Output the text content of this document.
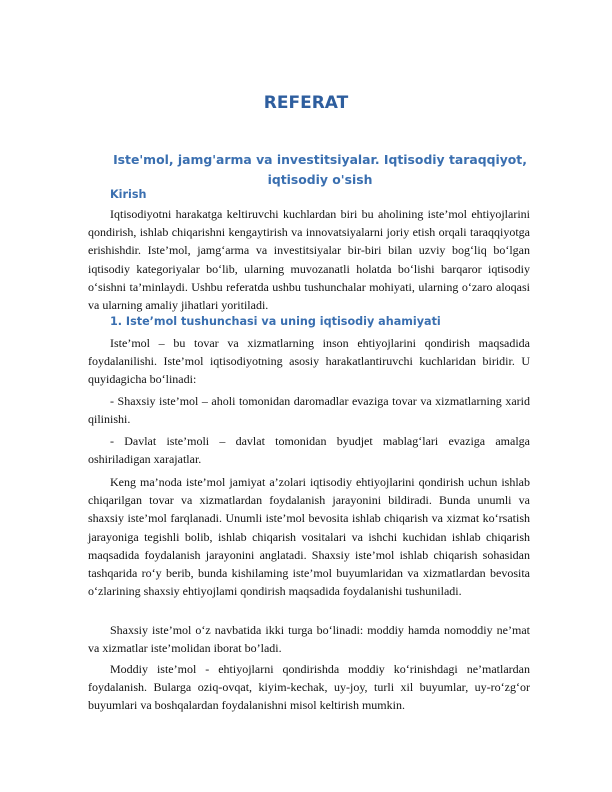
REFERAT
Iste'mol, jamg'arma va investitsiyalar. Iqtisodiy taraqqiyot, iqtisodiy o'sish
Kirish

Iqtisodiyotni harakatga keltiruvchi kuchlardan biri bu aholining iste’mol ehtiyojlarini qondirish, ishlab chiqarishni kengaytirish va innovatsiyalarni joriy etish orqali taraqqiyotga erishishdir. Iste’mol, jamg‘arma va investitsiyalar bir-biri bilan uzviy bog‘liq bo‘lgan iqtisodiy kategoriyalar bo‘lib, ularning muvozanatli holatda bo‘lishi barqaror iqtisodiy o‘sishni ta’minlaydi. Ushbu referatda ushbu tushunchalar mohiyati, ularning o‘zaro aloqasi va ularning amaliy jihatlari yoritiladi.

1. Iste’mol tushunchasi va uning iqtisodiy ahamiyati

Iste’mol – bu tovar va xizmatlarning inson ehtiyojlarini qondirish maqsadida foydalanilishi. Iste’mol iqtisodiyotning asosiy harakatlantiruvchi kuchlaridan biridir. U quyidagicha bo‘linadi:

- Shaxsiy iste’mol – aholi tomonidan daromadlar evaziga tovar va xizmatlarning xarid qilinishi.

- Davlat iste’moli – davlat tomonidan byudjet mablag‘lari evaziga amalga oshiriladigan xarajatlar.

Keng ma’noda iste’mol jamiyat a’zolari iqtisodiy ehtiyojlarini qondirish uchun ishlab chiqarilgan tovar va xizmatlardan foydalanish jarayonini bildiradi. Bunda unumli va shaxsiy iste’mol farqlanadi. Unumli iste’mol bevosita ishlab chiqarish va xizmat ko‘rsatish jarayoniga tegishli bolib, ishlab chiqarish vositalari va ishchi kuchidan ishlab chiqarish maqsadida foydalanish jarayonini anglatadi. Shaxsiy iste’mol ishlab chiqarish sohasidan tashqarida ro‘y berib, bunda kishilaming iste’mol buyumlaridan va xizmatlardan bevosita o‘zlarining shaxsiy ehtiyojlami qondirish maqsadida foydalanishi tushuniladi.

Shaxsiy iste’mol o‘z navbatida ikki turga bo‘linadi: moddiy hamda nomoddiy ne’mat va xizmatlar iste’molidan iborat bo’ladi.

Moddiy iste’mol - ehtiyojlarni qondirishda moddiy ko‘rinishdagi ne’matlardan foydalanish. Bularga oziq-ovqat, kiyim-kechak, uy-joy, turli xil buyumlar, uy-ro‘zg‘or buyumlari va boshqalardan foydalanishni misol keltirish mumkin.
